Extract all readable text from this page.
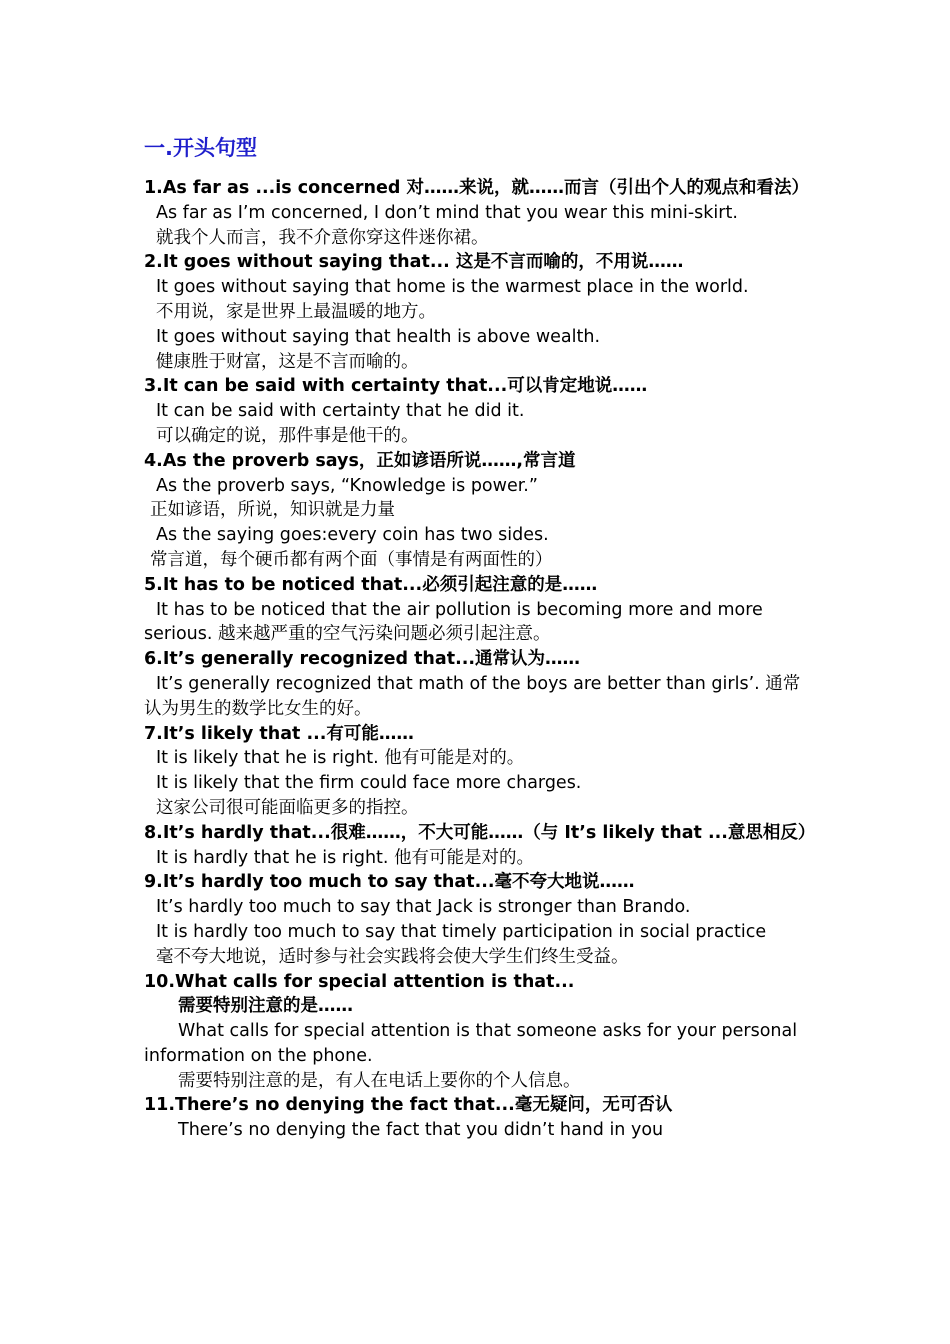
一.开头句型

1.As far as ...is concerned 对……来说，就……而言（引出个人的观点和看法）

As far as I’m concerned, I don’t mind that you wear this mini-skirt.

就我个人而言，我不介意你穿这件迷你裙。

2.It goes without saying that... 这是不言而喻的，不用说……

It goes without saying that home is the warmest place in the world.

不用说，家是世界上最温暖的地方。

It goes without saying that health is above wealth.

健康胜于财富，这是不言而喻的。

3.It can be said with certainty that...可以肯定地说……

It can be said with certainty that he did it.

可以确定的说，那件事是他干的。

4.As the proverb says，正如谚语所说……,常言道

As the proverb says, “Knowledge is power.”

正如谚语，所说，知识就是力量

As the saying goes:every coin has two sides.

常言道，每个硬币都有两个面（事情是有两面性的）

5.It has to be noticed that...必须引起注意的是……

It has to be noticed that the air pollution is becoming more and more serious. 越来越严重的空气污染问题必须引起注意。

6.It’s generally recognized that...通常认为……

It’s generally recognized that math of the boys are better than girls’. 通常认为男生的数学比女生的好。

7.It’s likely that ...有可能……

It is likely that he is right. 他有可能是对的。

It is likely that the firm could face more charges.

这家公司很可能面临更多的指控。

8.It’s hardly that...很难……，不大可能……（与 It’s likely that ...意思相反）

It is hardly that he is right. 他有可能是对的。

9.It’s hardly too much to say that...毫不夸大地说……

It’s hardly too much to say that Jack is stronger than Brando.

It is hardly too much to say that timely participation in social practice

毫不夸大地说，适时参与社会实践将会使大学生们终生受益。

10.What calls for special attention is that...

需要特别注意的是……

What calls for special attention is that someone asks for your personal information on the phone.

需要特别注意的是，有人在电话上要你的个人信息。

11.There’s no denying the fact that...毫无疑问，无可否认

There’s no denying the fact that you didn’t hand in you
